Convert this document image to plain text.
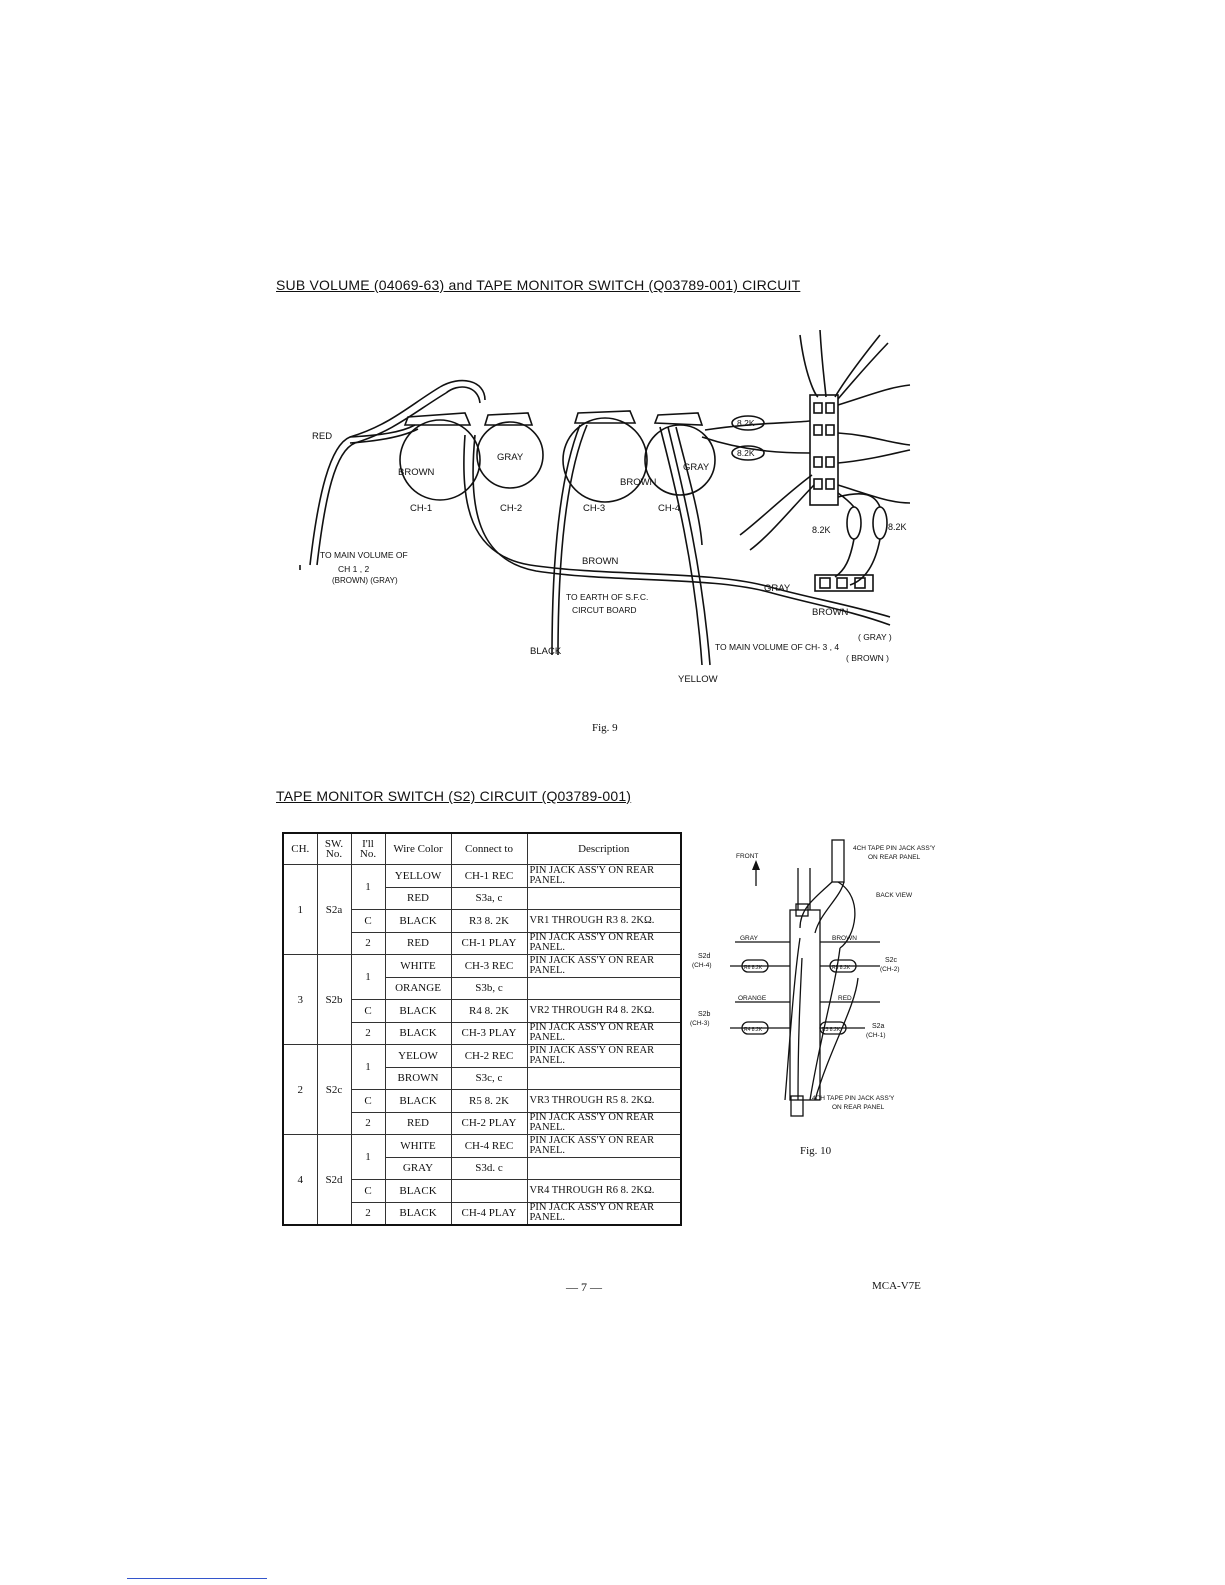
SUB VOLUME (04069-63) and TAPE MONITOR SWITCH (Q03789-001) CIRCUIT
RED
BROWN
GRAY
CH-1	CH-2	CH-3	CH-4
BROWN
GRAY
8.2K
8.2K
8.2K	8.2K
TO MAIN VOLUME OF
CH 1 , 2
(BROWN) (GRAY)
BROWN
TO EARTH OF S.F.C.
CIRCUT BOARD
GRAY
BROWN
BLACK
YELLOW
( GRAY )
TO MAIN VOLUME OF CH- 3 , 4
( BROWN )
Fig. 9
TAPE MONITOR SWITCH (S2) CIRCUIT (Q03789-001)
CH.	SW. No.	I'll No.	Wire Color	Connect to	Description
1	S2a	1	YELLOW	CH-1 REC	PIN JACK ASS'Y ON REAR PANEL.
			RED	S3a, c	
		C	BLACK	R3 8. 2K	VR1 THROUGH R3 8. 2KΩ.
		2	RED	CH-1 PLAY	PIN JACK ASS'Y ON REAR PANEL.
3	S2b	1	WHITE	CH-3 REC	PIN JACK ASS'Y ON REAR PANEL.
			ORANGE	S3b, c	
		C	BLACK	R4 8. 2K	VR2 THROUGH R4 8. 2KΩ.
		2	BLACK	CH-3 PLAY	PIN JACK ASS'Y ON REAR PANEL.
2	S2c	1	YELOW	CH-2 REC	PIN JACK ASS'Y ON REAR PANEL.
			BROWN	S3c, c	
		C	BLACK	R5 8. 2K	VR3 THROUGH R5 8. 2KΩ.
		2	RED	CH-2 PLAY	PIN JACK ASS'Y ON REAR PANEL.
4	S2d	1	WHITE	CH-4 REC	PIN JACK ASS'Y ON REAR PANEL.
			GRAY	S3d. c	
		C	BLACK		VR4 THROUGH R6 8. 2KΩ.
		2	BLACK	CH-4 PLAY	PIN JACK ASS'Y ON REAR PANEL.
FRONT
4CH TAPE PIN JACK ASS'Y
ON REAR PANEL
BACK VIEW
GRAY	BROWN
ORANGE	RED
S2d
(CH-4)
S2c
(CH-2)
S2b
(CH-3)	S2a
(CH-1)
R6 8.2K	R5 8.2K
R4 8.2K	R3 8.2K
4CH TAPE PIN JACK ASS'Y
ON REAR PANEL
Fig. 10
— 7 —	MCA-V7E
